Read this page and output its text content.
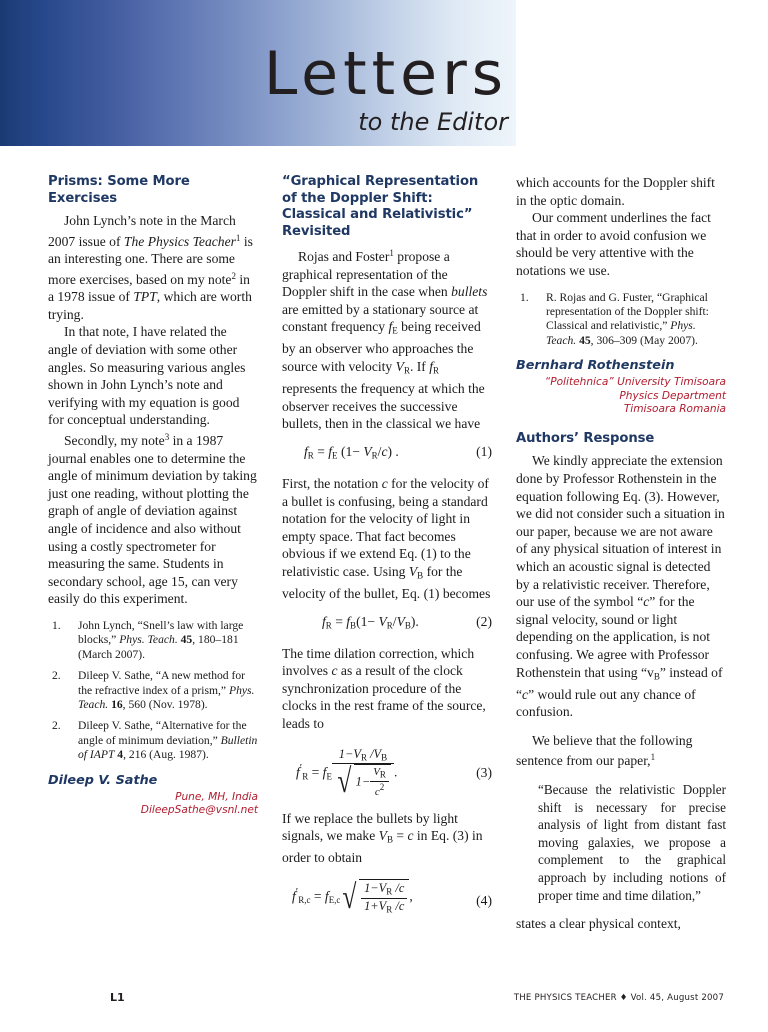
Letters
to the Editor
Prisms: Some More Exercises

John Lynch’s note in the March 2007 issue of The Physics Teacher$^1$ is an interesting one. There are some more exercises, based on my note$^2$ in a 1978 issue of TPT, which are worth trying.

In that note, I have related the angle of deviation with some other angles. So measuring various angles shown in John Lynch’s note and verifying with my equation is good for conceptual understanding.

Secondly, my note$^3$ in a 1987 journal enables one to determine the angle of minimum deviation by taking just one reading, without plotting the graph of angle of deviation against angle of incidence and also without using a costly spectrometer for measuring the same. Students in secondary school, age 15, can very easily do this experiment.

1. John Lynch, “Snell’s law with large blocks,” Phys. Teach. 45, 180–181 (March 2007).
2. Dileep V. Sathe, “A new method for the refractive index of a prism,” Phys. Teach. 16, 560 (Nov. 1978).
2. Dileep V. Sathe, “Alternative for the angle of minimum deviation,” Bulletin of IAPT 4, 216 (Aug. 1987).
Dileep V. Sathe
Pune, MH, India
DileepSathe@vsnl.net
“Graphical Representation of the Doppler Shift: Classical and Relativistic” Revisited

Rojas and Foster$^1$ propose a graphical representation of the Doppler shift in the case when bullets are emitted by a stationary source at constant frequency $f_E$ being received by an observer who approaches the source with velocity $V_R$. If $f_R$ represents the frequency at which the observer receives the successive bullets, then in the classical we have

$f_R = f_E$ $(1- V_R/c)$ .	(1)

First, the notation c for the velocity of a bullet is confusing, being a standard notation for the velocity of light in empty space. That fact becomes obvious if we extend Eq. (1) to the relativistic case. Using $V_B$ for the velocity of the bullet, Eq. (1) becomes

$f_R = f_B(1- V_R/V_B)$.	(2)

The time dilation correction, which involves c as a result of the clock synchronization procedure of the clocks in the rest frame of the source, leads to

$f'_R = f_E \frac{1-V_R /V_B}{√ 1- \frac{V_R}{c^2}}$ .	(3)

If we replace the bullets by light signals, we make $V_B = c$ in Eq. (3) in order to obtain

$f'_{R,c} = f_{E,c}√ \frac{1-V_R /c}{1+V_R /c}$ ,	(4)

which accounts for the Doppler shift in the optic domain.

Our comment underlines the fact that in order to avoid confusion we should be very attentive with the notations we use.

1. R. Rojas and G. Fuster, “Graphical representation of the Doppler shift: Classical and relativistic,” Phys. Teach. 45, 306–309 (May 2007).
Bernhard Rothenstein
“Politehnica” University Timisoara
Physics Department
Timisoara Romania
Authors’ Response

We kindly appreciate the extension done by Professor Rothenstein in the equation following Eq. (3). However, we did not consider such a situation in our paper, because we are not aware of any physical situation of interest in which an acoustic signal is detected by a relativistic receiver. Therefore, our use of the symbol “c” for the signal velocity, sound or light depending on the application, is not confusing. We agree with Professor Rothenstein that using “$v_B$” instead of “c” would rule out any chance of confusion.

We believe that the following sentence from our paper,$^1$

“Because the relativistic Doppler shift is necessary for precise analysis of light from distant fast moving galaxies, we propose a complement to the graphical approach by including notions of proper time and time dilation,”

states a clear physical context,

L1	THE PHYSICS TEACHER ♦ Vol. 45, August 2007
